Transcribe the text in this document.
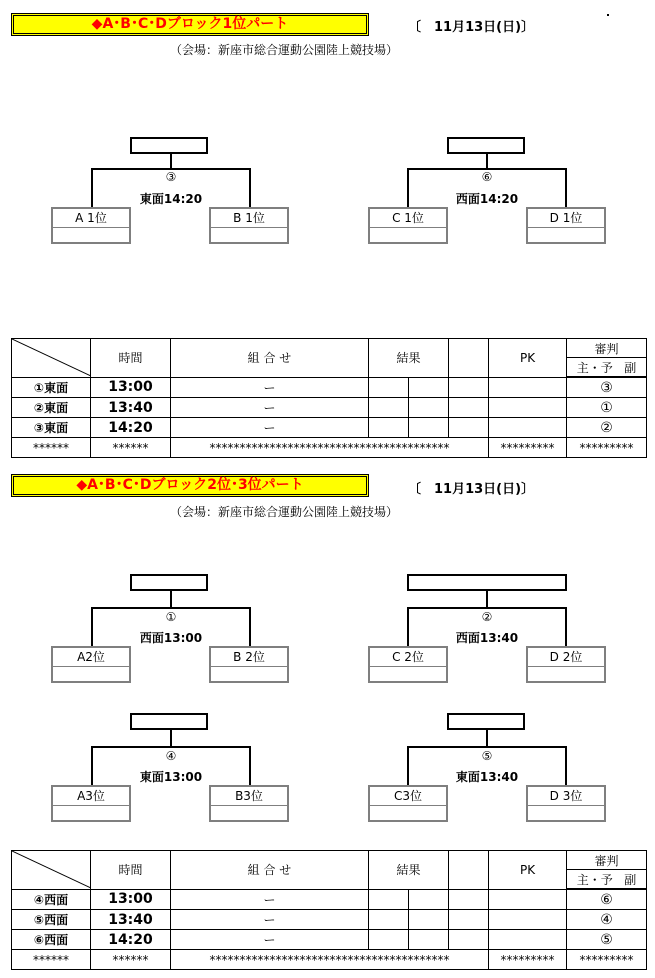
◆A･B･C･Dブロック1位パート	〔　11月13日(日)〕
（会場：新座市総合運動公園陸上競技場）
③
東面14:20
A 1位	B 1位
⑥
西面14:20
C 1位	D 1位
	時間	組 合 せ	結果			PK	審判
							主・予 副
①東面	13:00	ー					③
②東面	13:40	ー					①
③東面	14:20	ー					②
******	******	****************************************				*********	*********
◆A･B･C･Dブロック2位･3位パート	〔　11月13日(日)〕
（会場：新座市総合運動公園陸上競技場）
①
西面13:00
A2位	B 2位
②
西面13:40
C 2位	D 2位
④
東面13:00
A3位	B3位
⑤
東面13:40
C3位	D 3位
	時間	組 合 せ	結果			PK	審判
							主・予 副
④西面	13:00	ー					⑥
⑤西面	13:40	ー					④
⑥西面	14:20	ー					⑤
******	******	****************************************				*********	*********
